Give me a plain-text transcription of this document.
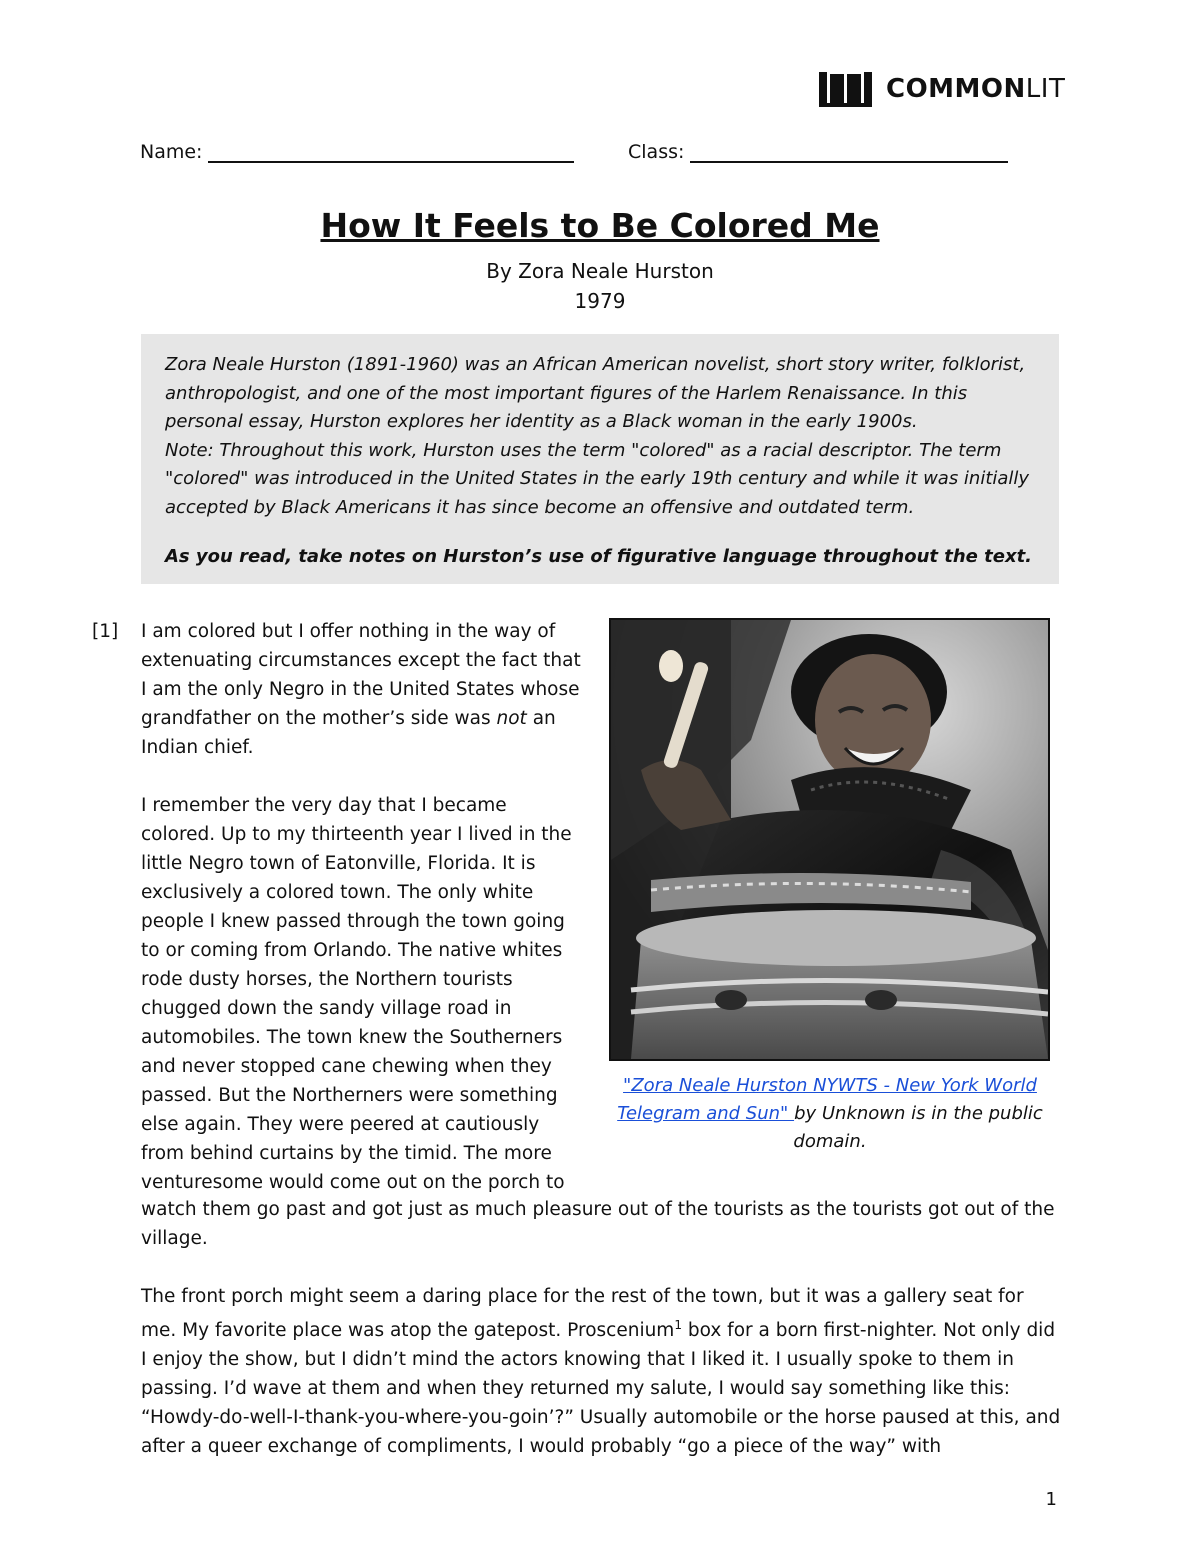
COMMONLIT
Name:	Class:
How It Feels to Be Colored Me
By Zora Neale Hurston
1979

Zora Neale Hurston (1891-1960) was an African American novelist, short story writer, folklorist, anthropologist, and one of the most important figures of the Harlem Renaissance. In this personal essay, Hurston explores her identity as a Black woman in the early 1900s.

Note: Throughout this work, Hurston uses the term "colored" as a racial descriptor. The term "colored" was introduced in the United States in the early 19th century and while it was initially accepted by Black Americans it has since become an offensive and outdated term.

As you read, take notes on Hurston’s use of figurative language throughout the text.

[1] I am colored but I offer nothing in the way of extenuating circumstances except the fact that I am the only Negro in the United States whose grandfather on the mother’s side was not an Indian chief.

I remember the very day that I became
colored. Up to my thirteenth year I lived in the
little Negro town of Eatonville, Florida. It is
exclusively a colored town. The only white
people I knew passed through the town going
to or coming from Orlando. The native whites
rode dusty horses, the Northern tourists
chugged down the sandy village road in
automobiles. The town knew the Southerners
and never stopped cane chewing when they
passed. But the Northerners were something
else again. They were peered at cautiously
from behind curtains by the timid. The more
venturesome would come out on the porch to

watch them go past and got just as much pleasure out of the tourists as the tourists got out of the village.

The front porch might seem a daring place for the rest of the town, but it was a gallery seat for me. My favorite place was atop the gatepost. Proscenium$^1$ box for a born first-nighter. Not only did I enjoy the show, but I didn’t mind the actors knowing that I liked it. I usually spoke to them in passing. I’d wave at them and when they returned my salute, I would say something like this: “Howdy-do-well-I-thank-you-where-you-goin’?” Usually automobile or the horse paused at this, and after a queer exchange of compliments, I would probably “go a piece of the way” with

"Zora Neale Hurston NYWTS - New York World Telegram and Sun" by Unknown is in the public domain.
1
